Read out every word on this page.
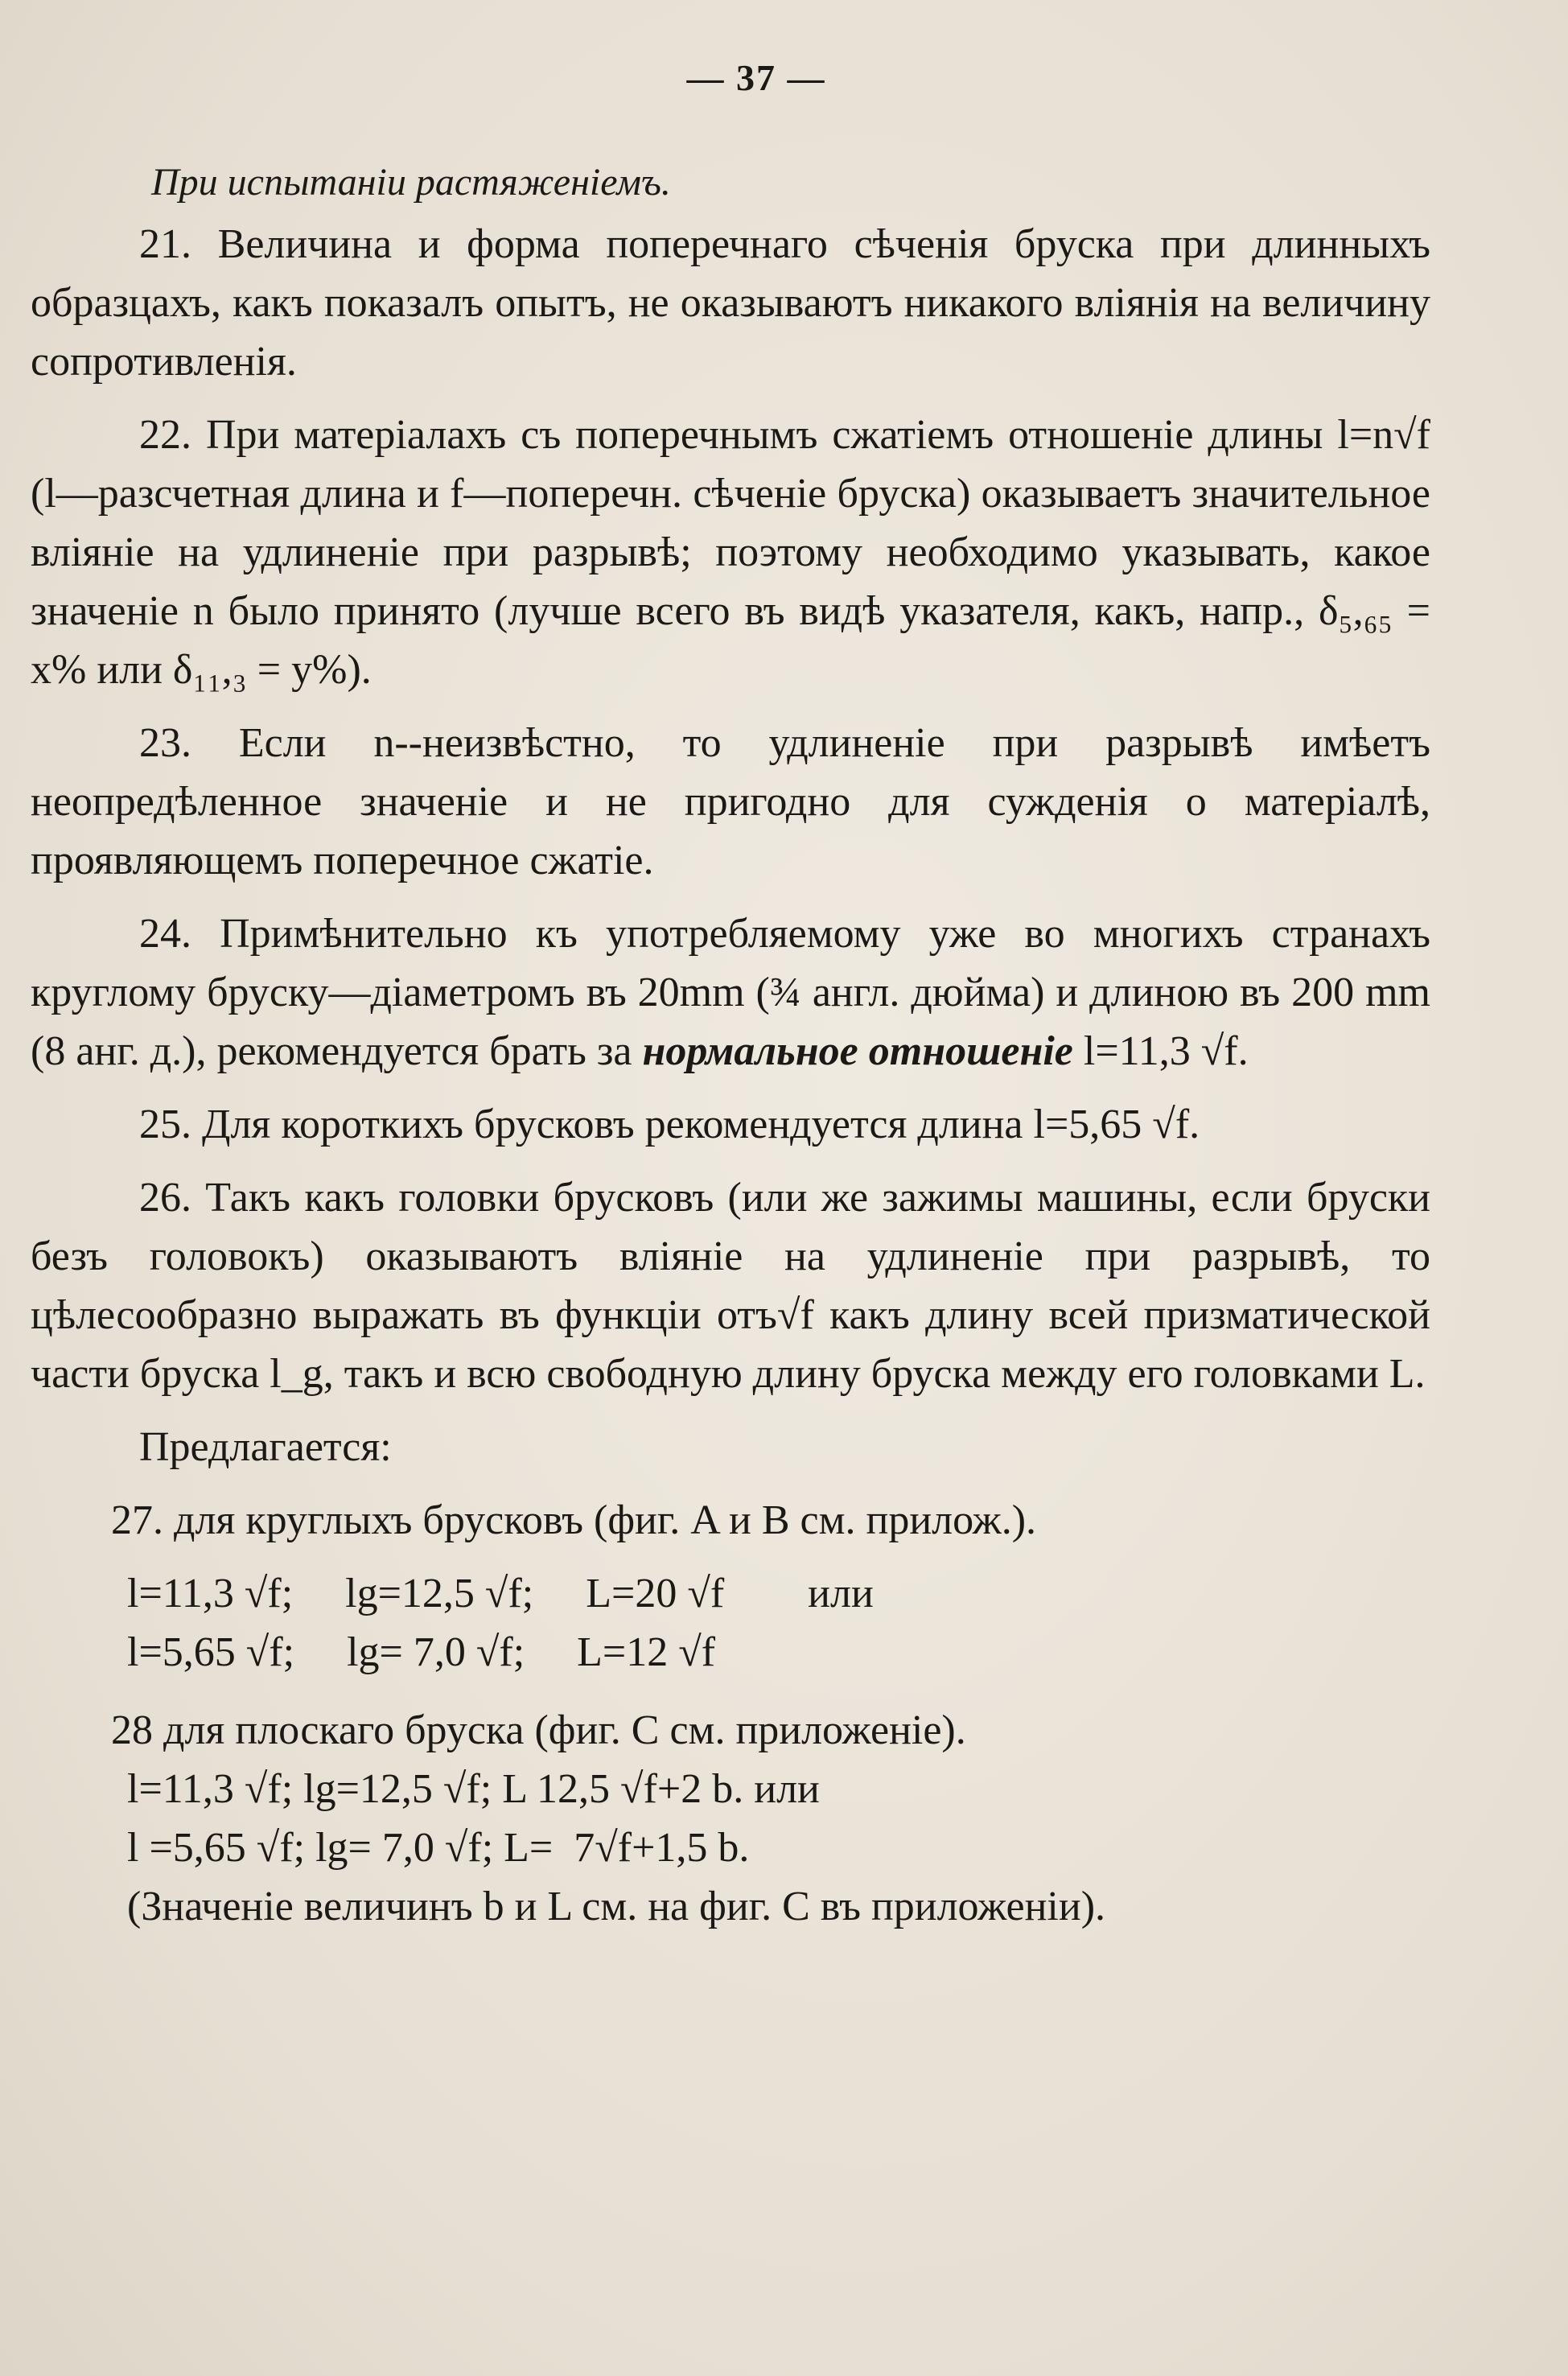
— 37 —
При испытаніи растяженіемъ.

21. Величина и форма поперечнаго сѣченія бруска при длинныхъ образцахъ, какъ показалъ опытъ, не оказываютъ никакого вліянія на величину сопротивленія.

22. При матеріалахъ съ поперечнымъ сжатіемъ отношеніе длины l=n√f (l—разсчетная длина и f—поперечн. сѣченіе бруска) оказываетъ значительное вліяніе на удлиненіе при разрывѣ; поэтому необходимо указывать, какое значеніе n было принято (лучше всего въ видѣ указателя, какъ, напр., δ₅,₆₅ = x% или δ₁₁,₃ = y%).

23. Если n--неизвѣстно, то удлиненіе при разрывѣ имѣетъ неопредѣленное значеніе и не пригодно для сужденія о матеріалѣ, проявляющемъ поперечное сжатіе.

24. Примѣнительно къ употребляемому уже во многихъ странахъ круглому бруску—діаметромъ въ 20mm (¾ англ. дюйма) и длиною въ 200 mm (8 анг. д.), рекомендуется брать за нормальное отношеніе l=11,3 √f.

25. Для короткихъ брусковъ рекомендуется длина l=5,65 √f.

26. Такъ какъ головки брусковъ (или же зажимы машины, если бруски безъ головокъ) оказываютъ вліяніе на удлиненіе при разрывѣ, то цѣлесообразно выражать въ функціи отъ√f какъ длину всей призматической части бруска l_g, такъ и всю свободную длину бруска между его головками L.

Предлагается:

27. для круглыхъ брусковъ (фиг. A и B см. прилож.).

l=11,3 √f;     lg=12,5 √f;     L=20 √f        или
l=5,65 √f;     lg= 7,0 √f;     L=12 √f

28 для плоскаго бруска (фиг. С см. приложеніе).

l=11,3 √f; lg=12,5 √f; L 12,5 √f+2 b. или
l =5,65 √f; lg= 7,0 √f; L=  7√f+1,5 b.
(Значеніе величинъ b и L см. на фиг. С въ приложеніи).
